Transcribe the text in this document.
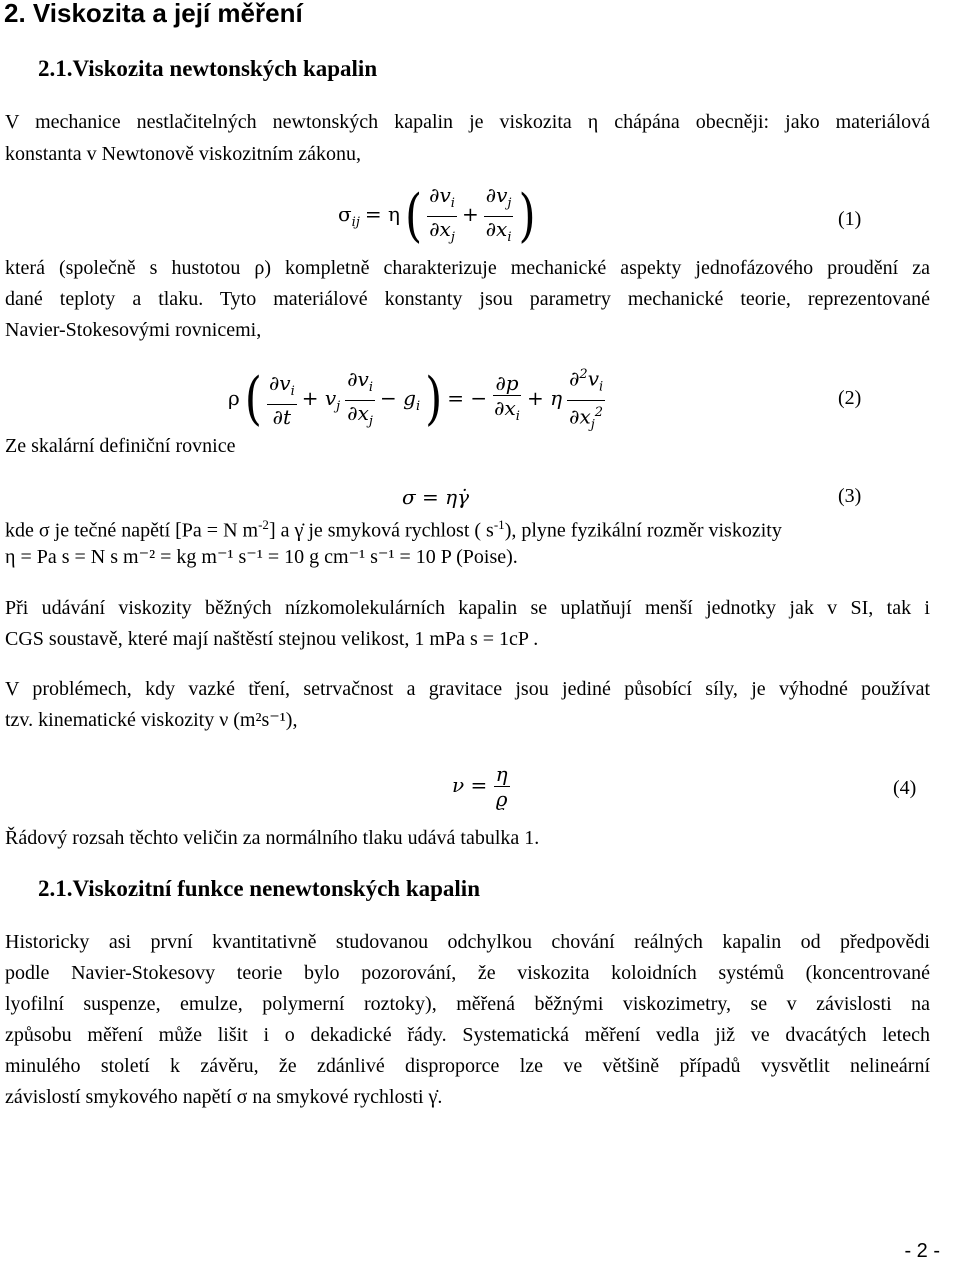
2. Viskozita a její měření
2.1.Viskozita newtonských kapalin
V mechanice nestlačitelných newtonských kapalin je viskozita η chápána obecněji: jako materiálová
konstanta v Newtonově viskozitním zákonu,
$\sigma_{ij} = \eta$ ( $\frac{\partial v_i}{\partial x_j} + \frac{\partial v_j}{\partial x_i}$ )	(1)
která (společně s hustotou ρ) kompletně charakterizuje mechanické aspekty jednofázového proudění za
dané teploty a tlaku. Tyto materiálové konstanty jsou parametry mechanické teorie, reprezentované
Navier-Stokesovými rovnicemi,
ρ ( $\frac{\partial v_i}{\partial t} + v_j \frac{\partial v_i}{\partial x_j} - g_i$ ) = − $\frac{\partial p}{\partial x_i} + \eta \frac{\partial^2v_i}{\partial x_j^2}$	(2)
Ze skalární definiční rovnice
σ = ηγ̇	(3)
kde σ je tečné napětí [Pa = N $m^{-2}$] a γ̇ je smyková rychlost ( $s^{-1}$), plyne fyzikální rozměr viskozity
η = Pa s = N s m⁻² = kg m⁻¹ s⁻¹ = 10 g cm⁻¹ s⁻¹ = 10 P (Poise).
Při udávání viskozity běžných nízkomolekulárních kapalin se uplatňují menší jednotky jak v SI, tak i
CGS soustavě, které mají naštěstí stejnou velikost, 1 mPa s = 1cP .
V problémech, kdy vazké tření, setrvačnost a gravitace jsou jediné působící síly, je výhodné používat
tzv. kinematické viskozity ν (m²s⁻¹),
$\nu = \frac{\eta}{ϱ}$	(4)
Řádový rozsah těchto veličin za normálního tlaku udává tabulka 1.
2.1.Viskozitní funkce nenewtonských kapalin
Historicky asi první kvantitativně studovanou odchylkou chování reálných kapalin od předpovědi
podle Navier-Stokesovy teorie bylo pozorování, že viskozita koloidních systémů (koncentrované
lyofilní suspenze, emulze, polymerní roztoky), měřená běžnými viskozimetry, se v závislosti na
způsobu měření může lišit i o dekadické řády. Systematická měření vedla již ve dvacátých letech
minulého století k závěru, že zdánlivé disproporce lze ve většině případů vysvětlit nelineární
závislostí smykového napětí σ na smykové rychlosti γ̇.
- 2 -
